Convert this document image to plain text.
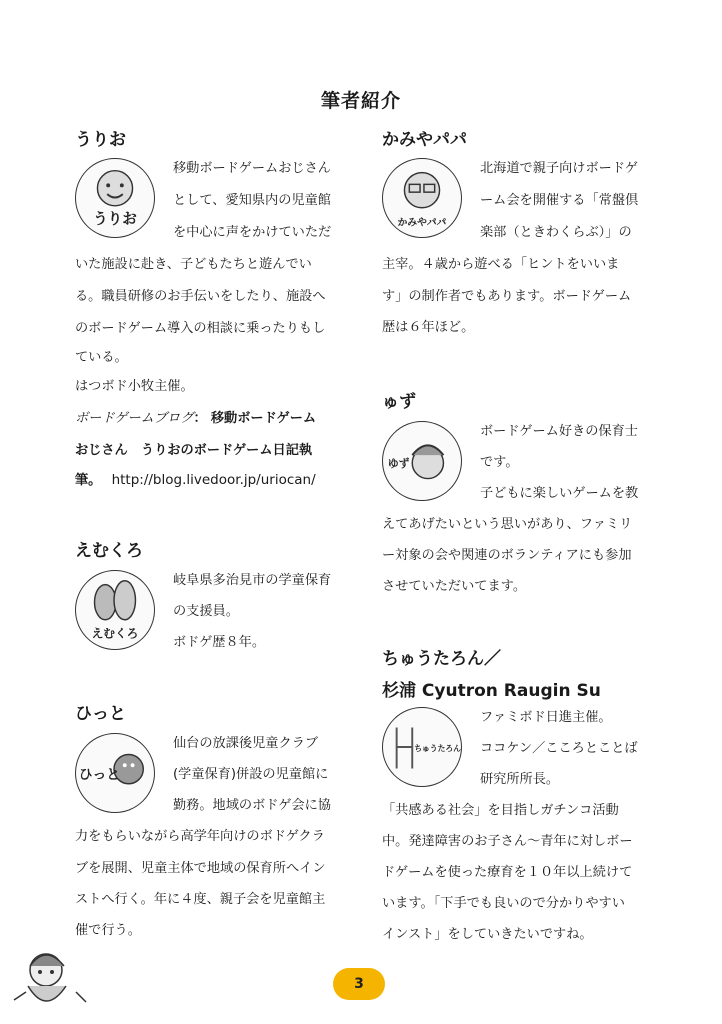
筆者紹介
うりお
うりお
移動ボードゲームおじさん
として、愛知県内の児童館
を中心に声をかけていただ
いた施設に赴き、子どもたちと遊んでい
る。職員研修のお手伝いをしたり、施設へ
のボードゲーム導入の相談に乗ったりもし
ている。
はつボド小牧主催。
ボードゲームブログ： 移動ボードゲーム
おじさん　うりおのボードゲーム日記執
筆。 http://blog.livedoor.jp/uriocan/
えむくろ
えむくろ
岐阜県多治見市の学童保育
の支援員。
ボドゲ歴８年。
ひっと
ひっと
仙台の放課後児童クラブ
(学童保育)併設の児童館に
勤務。地域のボドゲ会に協
力をもらいながら高学年向けのボドゲクラ
ブを展開、児童主体で地域の保育所へイン
ストへ行く。年に４度、親子会を児童館主
催で行う。
かみやパパ
かみやパパ
北海道で親子向けボードゲ
ーム会を開催する「常盤倶
楽部（ときわくらぶ）」の
主宰。４歳から遊べる「ヒントをいいま
す」の制作者でもあります。ボードゲーム
歴は６年ほど。
ゅず
ゆず
ボードゲーム好きの保育士
です。
子どもに楽しいゲームを教
えてあげたいという思いがあり、ファミリ
ー対象の会や関連のボランティアにも参加
させていただいてます。
ちゅうたろん／
杉浦 Cyutron Raugin Su
ちゅうたろん
ファミボド日進主催。
ココケン／こころとことば
研究所所長。
「共感ある社会」を目指しガチンコ活動
中。発達障害のお子さん～青年に対しボー
ドゲームを使った療育を１０年以上続けて
います。「下手でも良いので分かりやすい
インスト」をしていきたいですね。
3
